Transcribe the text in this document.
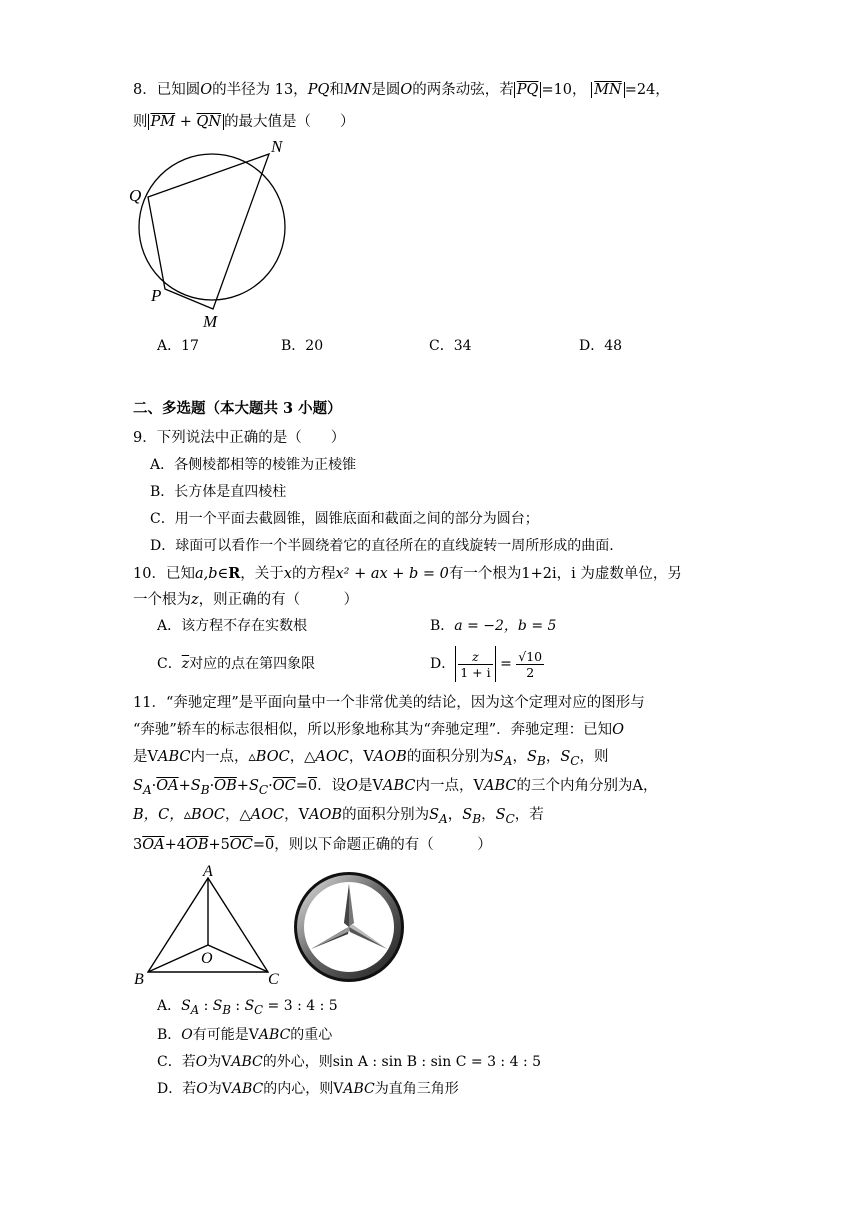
8．已知圆O的半径为 13，PQ和MN是圆O的两条动弦，若 $\overline{PQ} =10$， $\overline{MN} =24$，
则 $\overline{PM} + \overline{QN}$ 的最大值是（　　）
Q
N
P
M
A．17	B．20	C．34	D．48
二、多选题（本大题共 3 小题）
9．下列说法中正确的是（　　）
A．各侧棱都相等的棱锥为正棱锥
B．长方体是直四棱柱
C．用一个平面去截圆锥，圆锥底面和截面之间的部分为圆台；
D．球面可以看作一个半圆绕着它的直径所在的直线旋转一周所形成的曲面.
10．已知a,b∈R，关于x的方程x² + ax + b = 0有一个根为1+2i，i 为虚数单位，另
一个根为z，则正确的有（　　　）
A．该方程不存在实数根	B．a = −2，b = 5
C．$\overline{z}$对应的点在第四象限	D． $\frac{z}{1 + i} = \frac{√10}{2}$
11．“奔驰定理”是平面向量中一个非常优美的结论，因为这个定理对应的图形与
“奔驰”轿车的标志很相似，所以形象地称其为“奔驰定理”．奔驰定理：已知O
是VABC内一点，▵BOC，△AOC，VAOB的面积分别为$S_A$，$S_B$，$S_C$，则
$S_A\cdot\overline{OA}+S_B\cdot\overline{OB}+S_C\cdot\overline{OC}=0$．设O是VABC内一点，VABC的三个内角分别为A，
B，C，▵BOC，△AOC，VAOB的面积分别为$S_A$，$S_B$，$S_C$，若
$3\overline{OA}+4\overline{OB}+5\overline{OC}=0$，则以下命题正确的有（　　　）
A
B	C
O
A．$S_A$ : $S_B$ : $S_C = 3$ : 4 : 5
B．O有可能是VABC的重心
C．若O为VABC的外心，则sin A : sin B : sin C = 3 : 4 : 5
D．若O为VABC的内心，则VABC为直角三角形
